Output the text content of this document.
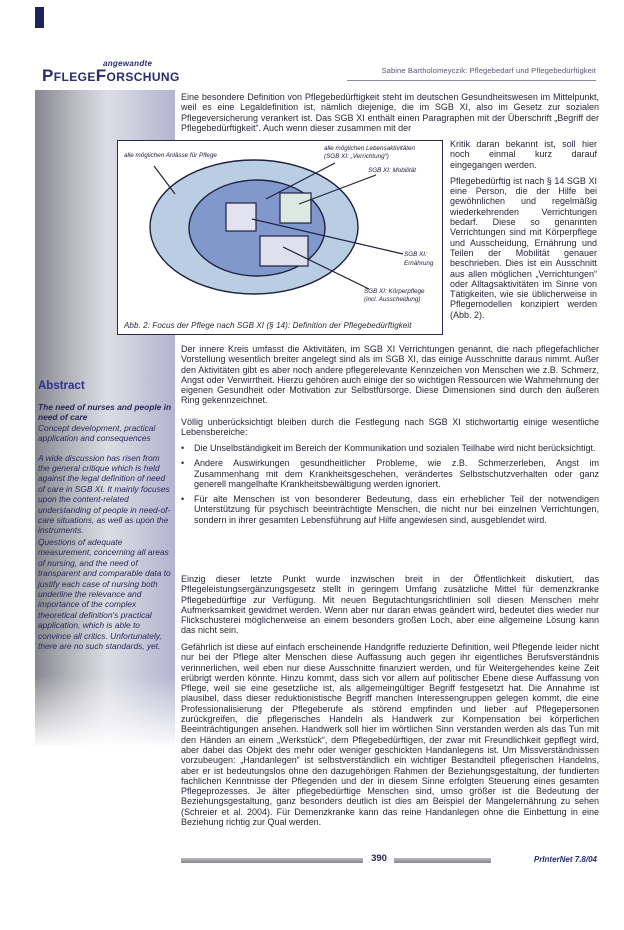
angewandte
PflegeForschung	Sabine Bartholomeyczik: Pflegebedarf und Pflegebedürftigkeit
alle möglichen Anlässe für Pflege
alle möglichen Lebensaktivitäten
(SGB XI: „Verrichtung“)
SGB XI: Mobilität
SGB XI:
Ernährung
SGB XI: Körperpflege
(incl. Ausscheidung)
Abb. 2: Focus der Pflege nach SGB XI (§ 14): Definition der Pflegebedürftigkeit
Abstract

The need of nurses and people in need of care

Concept development, practical application and consequences

A wide discussion has risen from the general critique which is held against the legal definition of need of care in SGB XI. It mainly focuses upon the content-related understanding of people in need-of-care situations, as well as upon the instruments.

Questions of adequate measurement, concerning all areas of nursing, and the need of transparent and comparable data to justify each case of nursing both underline the relevance and importance of the complex theoretical definition's practical application, which is able to convince all critics. Unfortunately, there are no such standards, yet.

Eine besondere Definition von Pflegebedürftigkeit steht im deutschen Gesundheitswesen im Mittelpunkt, weil es eine Legaldefinition ist, nämlich diejenige, die im SGB XI, also im Gesetz zur sozialen Pflegeversicherung verankert ist. Das SGB XI enthält einen Paragraphen mit der Überschrift „Begriff der Pflegebedürftigkeit“. Auch wenn dieser zusammen mit der

Kritik daran bekannt ist, soll hier noch einmal kurz darauf eingegangen werden.

Pflegebedürftig ist nach § 14 SGB XI eine Person, die der Hilfe bei gewöhnlichen und regelmäßig wiederkehrenden Verrichtungen bedarf. Diese so genannten Verrichtungen sind mit Körperpflege und Ausscheidung, Ernährung und Teilen der Mobilität genauer beschrieben. Dies ist ein Ausschnitt aus allen möglichen „Verrichtungen“ oder Alltagsaktivitäten im Sinne von Tätigkeiten, wie sie üblicherweise in Pflegemodellen konzipiert werden (Abb. 2).

Der innere Kreis umfasst die Aktivitäten, im SGB XI Verrichtungen genannt, die nach pflegefachlicher Vorstellung wesentlich breiter angelegt sind als im SGB XI, das einige Ausschnitte daraus nimmt. Außer den Aktivitäten gibt es aber noch andere pflegerelevante Kennzeichen von Menschen wie z.B. Schmerz, Angst oder Verwirrtheit. Hierzu gehören auch einige der so wichtigen Ressourcen wie Wahrnehmung der eigenen Gesundheit oder Motivation zur Selbstfürsorge. Diese Dimensionen sind durch den äußeren Ring gekennzeichnet.
Völlig unberücksichtigt bleiben durch die Festlegung nach SGB XI stichwortartig einige wesentliche Lebensbereiche:
•	Die Unselbständigkeit im Bereich der Kommunikation und sozialen Teilhabe wird nicht berücksichtigt.
•	Andere Auswirkungen gesundheitlicher Probleme, wie z.B. Schmerzerleben, Angst im Zusammenhang mit dem Krankheitsgeschehen, verändertes Selbstschutzverhalten oder ganz generell mangelhafte Krankheitsbewältigung werden ignoriert.
•	Für alte Menschen ist von besonderer Bedeutung, dass ein erheblicher Teil der notwendigen Unterstützung für psychisch beeinträchtigte Menschen, die nicht nur bei einzelnen Verrichtungen, sondern in ihrer gesamten Lebensführung auf Hilfe angewiesen sind, ausgeblendet wird.
Einzig dieser letzte Punkt wurde inzwischen breit in der Öffentlichkeit diskutiert, das Pflegeleistungsergänzungsgesetz stellt in geringem Umfang zusätzliche Mittel für demenzkranke Pflegebedürftige zur Verfügung. Mit neuen Begutachtungsrichtlinien soll diesen Menschen mehr Aufmerksamkeit gewidmet werden. Wenn aber nur daran etwas geändert wird, bedeutet dies wieder nur Flickschusterei möglicherweise an einem besonders großen Loch, aber eine allgemeine Lösung kann das nicht sein.
Gefährlich ist diese auf einfach erscheinende Handgriffe reduzierte Definition, weil Pflegende leider nicht nur bei der Pflege alter Menschen diese Auffassung auch gegen ihr eigentliches Berufsverständnis verinnerlichen, weil eben nur diese Ausschnitte finanziert werden, und für Weitergehendes keine Zeit erübrigt werden könnte. Hinzu kommt, dass sich vor allem auf politischer Ebene diese Auffassung von Pflege, weil sie eine gesetzliche ist, als allgemeingültiger Begriff festgesetzt hat. Die Annahme ist plausibel, dass dieser reduktionistische Begriff manchen Interessengruppen gelegen kommt, die eine Professionalisierung der Pflegeberufe als störend empfinden und lieber auf Pflegepersonen zurückgreifen, die pflegerisches Handeln als Handwerk zur Kompensation bei körperlichen Beeinträchtigungen ansehen. Handwerk soll hier im wörtlichen Sinn verstanden werden als das Tun mit den Händen an einem „Werkstück“, dem Pflegebedürftigen, der zwar mit Freundlichkeit gepflegt wird, aber dabei das Objekt des mehr oder weniger geschickten Handanlegens ist. Um Missverständnissen vorzubeugen: „Handanlegen“ ist selbstverständlich ein wichtiger Bestandteil pflegerischen Handelns, aber er ist bedeutungslos ohne den dazugehörigen Rahmen der Beziehungsgestaltung, der fundierten fachlichen Kenntnisse der Pflegenden und der in diesem Sinne erfolgten Steuerung eines gesamten Pflegeprozesses. Je älter pflegebedürftige Menschen sind, umso größer ist die Bedeutung der Beziehungsgestaltung, ganz besonders deutlich ist dies am Beispiel der Mangelernährung zu sehen (Schreier et al. 2004). Für Demenzkranke kann das reine Handanlegen ohne die Einbettung in eine Beziehung richtig zur Qual werden.
390	PrInterNet 7.8/04
